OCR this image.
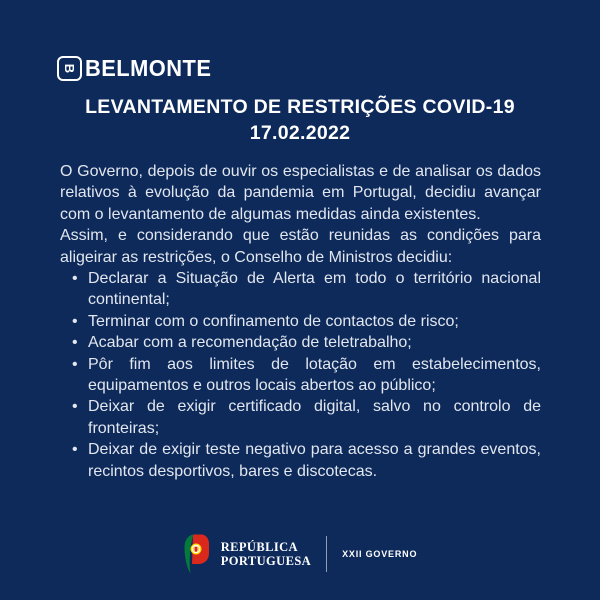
B BELMONTE
LEVANTAMENTO DE RESTRIÇÕES COVID-19
17.02.2022

O Governo, depois de ouvir os especialistas e de analisar os dados relativos à evolução da pandemia em Portugal, decidiu avançar com o levantamento de algumas medidas ainda existentes.

Assim, e considerando que estão reunidas as condições para aligeirar as restrições, o Conselho de Ministros decidiu:

• Declarar a Situação de Alerta em todo o território nacional continental;
• Terminar com o confinamento de contactos de risco;
• Acabar com a recomendação de teletrabalho;
• Pôr fim aos limites de lotação em estabelecimentos, equipamentos e outros locais abertos ao público;
• Deixar de exigir certificado digital, salvo no controlo de fronteiras;
• Deixar de exigir teste negativo para acesso a grandes eventos, recintos desportivos, bares e discotecas.
REPÚBLICA
PORTUGUESA	XXII GOVERNO
